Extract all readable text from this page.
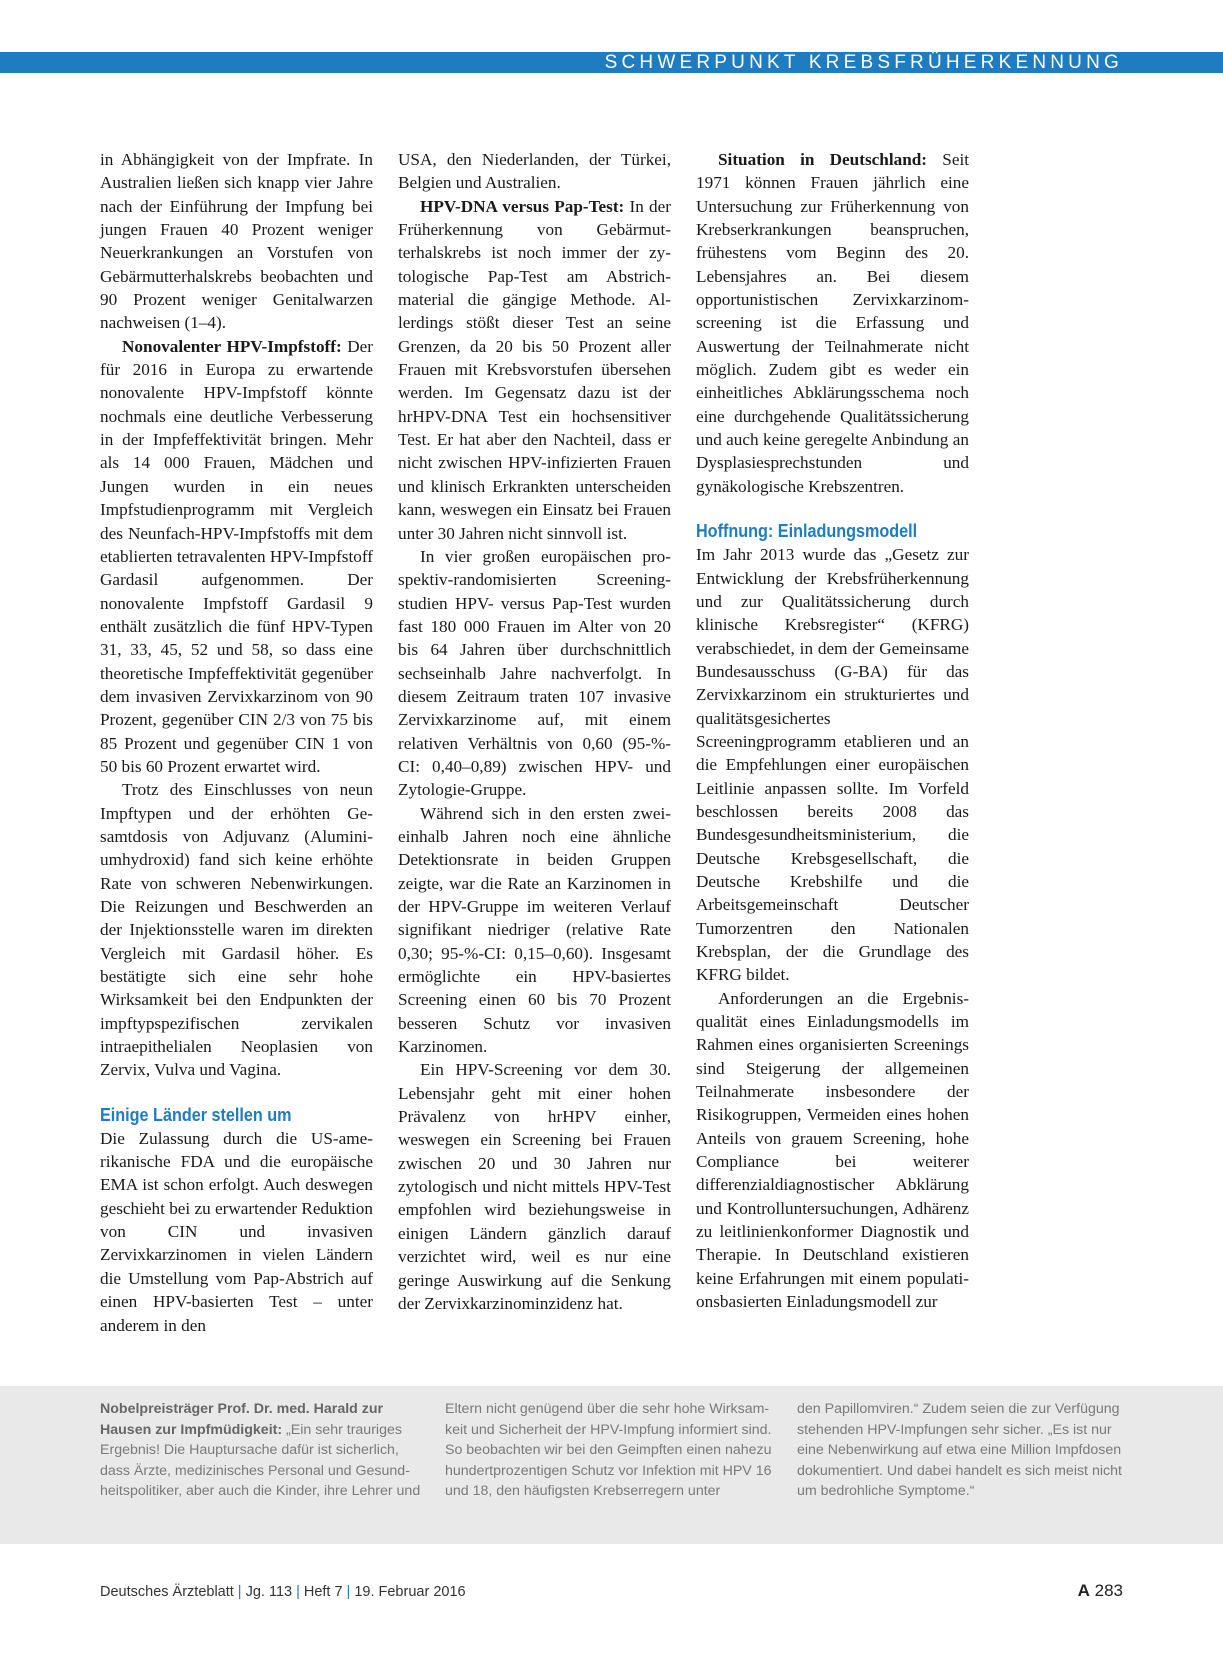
SCHWERPUNKT KREBSFRÜHERKENNUNG

in Abhängigkeit von der Impfrate. In Australien ließen sich knapp vier Jahre nach der Einführung der Impfung bei jungen Frauen 40 Prozent weniger Neuerkrankungen an Vorstufen von Gebärmutterhalskrebs beobachten und 90 Prozent weniger Genitalwarzen nachweisen (1–4).

Nonovalenter HPV-Impfstoff: Der für 2016 in Europa zu erwartende nonovalente HPV-Impfstoff könnte nochmals eine deutliche Verbesserung in der Impfeffektivität bringen. Mehr als 14 000 Frauen, Mädchen und Jungen wurden in ein neues Impfstudienprogramm mit Vergleich des Neunfach-HPV-Impfstoffs mit dem etablierten tetravalenten HPV-Impfstoff Gardasil aufgenommen. Der nonovalente Impfstoff Gardasil 9 enthält zusätzlich die fünf HPV-Typen 31, 33, 45, 52 und 58, so dass eine theoretische Impfeffektivität gegenüber dem invasiven Zervixkarzinom von 90 Prozent, gegenüber CIN 2/3 von 75 bis 85 Prozent und gegenüber CIN 1 von 50 bis 60 Prozent erwartet wird.

Trotz des Einschlusses von neun Impftypen und der erhöhten Gesamtdosis von Adjuvanz (Aluminiumhydroxid) fand sich keine erhöhte Rate von schweren Nebenwirkungen. Die Reizungen und Beschwerden an der Injektionsstelle waren im direkten Vergleich mit Gardasil höher. Es bestätigte sich eine sehr hohe Wirksamkeit bei den Endpunkten der impftypspezifischen zervikalen intraepithelialen Neoplasien von Zervix, Vulva und Vagina.

Einige Länder stellen um

Die Zulassung durch die US-amerikanische FDA und die europäische EMA ist schon erfolgt. Auch deswegen geschieht bei zu erwartender Reduktion von CIN und invasiven Zervixkarzinomen in vielen Ländern die Umstellung vom Pap-Abstrich auf einen HPV-basierten Test – unter anderem in den

USA, den Niederlanden, der Türkei, Belgien und Australien.

HPV-DNA versus Pap-Test: In der Früherkennung von Gebärmutterhalskrebs ist noch immer der zytologische Pap-Test am Abstrichmaterial die gängige Methode. Allerdings stößt dieser Test an seine Grenzen, da 20 bis 50 Prozent aller Frauen mit Krebsvorstufen übersehen werden. Im Gegensatz dazu ist der hrHPV-DNA Test ein hochsensitiver Test. Er hat aber den Nachteil, dass er nicht zwischen HPV-infizierten Frauen und klinisch Erkrankten unterscheiden kann, weswegen ein Einsatz bei Frauen unter 30 Jahren nicht sinnvoll ist.

In vier großen europäischen prospektiv-randomisierten Screeningstudien HPV- versus Pap-Test wurden fast 180 000 Frauen im Alter von 20 bis 64 Jahren über durchschnittlich sechseinhalb Jahre nachverfolgt. In diesem Zeitraum traten 107 invasive Zervixkarzinome auf, mit einem relativen Verhältnis von 0,60 (95-%-CI: 0,40–0,89) zwischen HPV- und Zytologie-Gruppe.

Während sich in den ersten zweieinhalb Jahren noch eine ähnliche Detektionsrate in beiden Gruppen zeigte, war die Rate an Karzinomen in der HPV-Gruppe im weiteren Verlauf signifikant niedriger (relative Rate 0,30; 95-%-CI: 0,15–0,60). Insgesamt ermöglichte ein HPV-basiertes Screening einen 60 bis 70 Prozent besseren Schutz vor invasiven Karzinomen.

Ein HPV-Screening vor dem 30. Lebensjahr geht mit einer hohen Prävalenz von hrHPV einher, weswegen ein Screening bei Frauen zwischen 20 und 30 Jahren nur zytologisch und nicht mittels HPV-Test empfohlen wird beziehungsweise in einigen Ländern gänzlich darauf verzichtet wird, weil es nur eine geringe Auswirkung auf die Senkung der Zervixkarzinominzidenz hat.

Situation in Deutschland: Seit 1971 können Frauen jährlich eine Untersuchung zur Früherkennung von Krebserkrankungen beanspruchen, frühestens vom Beginn des 20. Lebensjahres an. Bei diesem opportunistischen Zervixkarzinomscreening ist die Erfassung und Auswertung der Teilnahmerate nicht möglich. Zudem gibt es weder ein einheitliches Abklärungsschema noch eine durchgehende Qualitätssicherung und auch keine geregelte Anbindung an Dysplasiesprechstunden und gynäkologische Krebszentren.

Hoffnung: Einladungsmodell

Im Jahr 2013 wurde das „Gesetz zur Entwicklung der Krebsfrüherkennung und zur Qualitätssicherung durch klinische Krebsregister“ (KFRG) verabschiedet, in dem der Gemeinsame Bundesausschuss (G-BA) für das Zervixkarzinom ein strukturiertes und qualitätsgesichertes Screeningprogramm etablieren und an die Empfehlungen einer europäischen Leitlinie anpassen sollte. Im Vorfeld beschlossen bereits 2008 das Bundesgesundheitsministerium, die Deutsche Krebsgesellschaft, die Deutsche Krebshilfe und die Arbeitsgemeinschaft Deutscher Tumorzentren den Nationalen Krebsplan, der die Grundlage des KFRG bildet.

Anforderungen an die Ergebnisqualität eines Einladungsmodells im Rahmen eines organisierten Screenings sind Steigerung der allgemeinen Teilnahmerate insbesondere der Risikogruppen, Vermeiden eines hohen Anteils von grauem Screening, hohe Compliance bei weiterer differenzialdiagnostischer Abklärung und Kontrolluntersuchungen, Adhärenz zu leitlinienkonformer Diagnostik und Therapie. In Deutschland existieren keine Erfahrungen mit einem populationsbasierten Einladungsmodell zur

Nobelpreisträger Prof. Dr. med. Harald zur Hausen zur Impfmüdigkeit: „Ein sehr trauriges Ergebnis! Die Hauptursache dafür ist sicherlich, dass Ärzte, medizinisches Personal und Gesundheitspolitiker, aber auch die Kinder, ihre Lehrer und

Eltern nicht genügend über die sehr hohe Wirksamkeit und Sicherheit der HPV-Impfung informiert sind. So beobachten wir bei den Geimpften einen nahezu hundertprozentigen Schutz vor Infektion mit HPV 16 und 18, den häufigsten Krebserregern unter

den Papillomviren.“ Zudem seien die zur Verfügung stehenden HPV-Impfungen sehr sicher. „Es ist nur eine Nebenwirkung auf etwa eine Million Impfdosen dokumentiert. Und dabei handelt es sich meist nicht um bedrohliche Symptome.“

Deutsches Ärzteblatt | Jg. 113 | Heft 7 | 19. Februar 2016	A 283
